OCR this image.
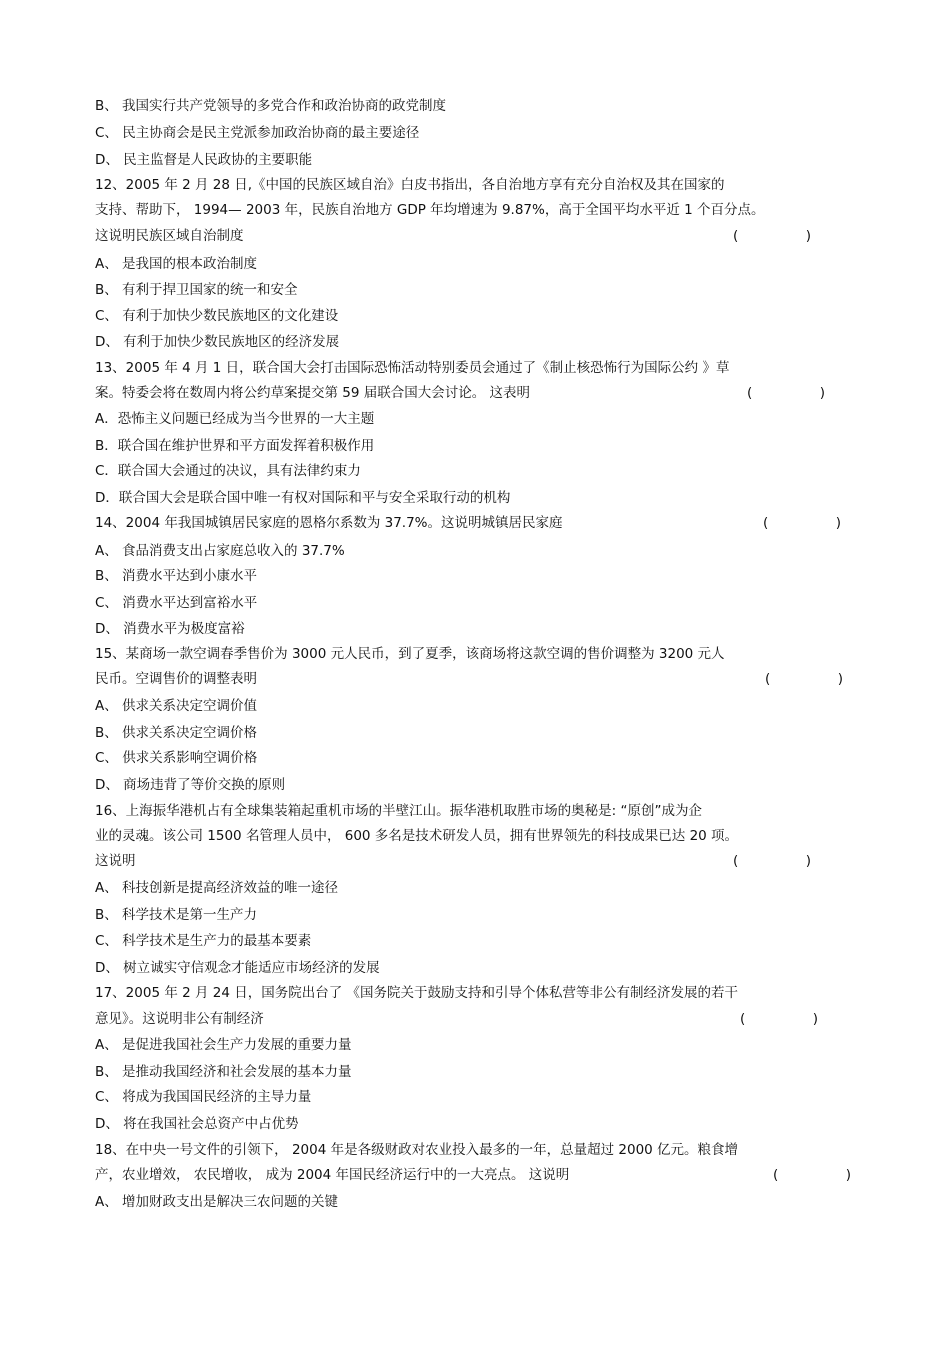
B、 我国实行共产党领导的多党合作和政治协商的政党制度
C、 民主协商会是民主党派参加政治协商的最主要途径
D、 民主监督是人民政协的主要职能
12、2005 年 2 月 28 日,《中国的民族区域自治》白皮书指出，各自治地方享有充分自治权及其在国家的
支持、帮助下， 1994— 2003 年，民族自治地方 GDP 年均增速为 9.87%，高于全国平均水平近 1 个百分点。
这说明民族区域自治制度	(　　　　　)
A、 是我国的根本政治制度
B、 有利于捍卫国家的统一和安全
C、 有利于加快少数民族地区的文化建设
D、 有利于加快少数民族地区的经济发展
13、2005 年 4 月 1 日，联合国大会打击国际恐怖活动特别委员会通过了《制止核恐怖行为国际公约 》草
案。特委会将在数周内将公约草案提交第 59 届联合国大会讨论。 这表明	(　　　　　)
A．恐怖主义问题已经成为当今世界的一大主题
B．联合国在维护世界和平方面发挥着积极作用
C．联合国大会通过的决议，具有法律约束力
D．联合国大会是联合国中唯一有权对国际和平与安全采取行动的机构
14、2004 年我国城镇居民家庭的恩格尔系数为 37.7%。这说明城镇居民家庭	(　　　　　)
A、 食品消费支出占家庭总收入的 37.7%
B、 消费水平达到小康水平
C、 消费水平达到富裕水平
D、 消费水平为极度富裕
15、某商场一款空调春季售价为 3000 元人民币，到了夏季，该商场将这款空调的售价调整为 3200 元人
民币。空调售价的调整表明	(　　　　　)
A、 供求关系决定空调价值
B、 供求关系决定空调价格
C、 供求关系影响空调价格
D、 商场违背了等价交换的原则
16、上海振华港机占有全球集装箱起重机市场的半壁江山。振华港机取胜市场的奥秘是: “原创”成为企
业的灵魂。该公司 1500 名管理人员中， 600 多名是技术研发人员，拥有世界领先的科技成果已达 20 项。
这说明	(　　　　　)
A、 科技创新是提高经济效益的唯一途径
B、 科学技术是第一生产力
C、 科学技术是生产力的最基本要素
D、 树立诚实守信观念才能适应市场经济的发展
17、2005 年 2 月 24 日，国务院出台了 《国务院关于鼓励支持和引导个体私营等非公有制经济发展的若干
意见》。这说明非公有制经济	(　　　　　)
A、 是促进我国社会生产力发展的重要力量
B、 是推动我国经济和社会发展的基本力量
C、 将成为我国国民经济的主导力量
D、 将在我国社会总资产中占优势
18、在中央一号文件的引领下， 2004 年是各级财政对农业投入最多的一年，总量超过 2000 亿元。粮食增
产，农业增效， 农民增收， 成为 2004 年国民经济运行中的一大亮点。 这说明	(　　　　　)
A、 增加财政支出是解决三农问题的关键
